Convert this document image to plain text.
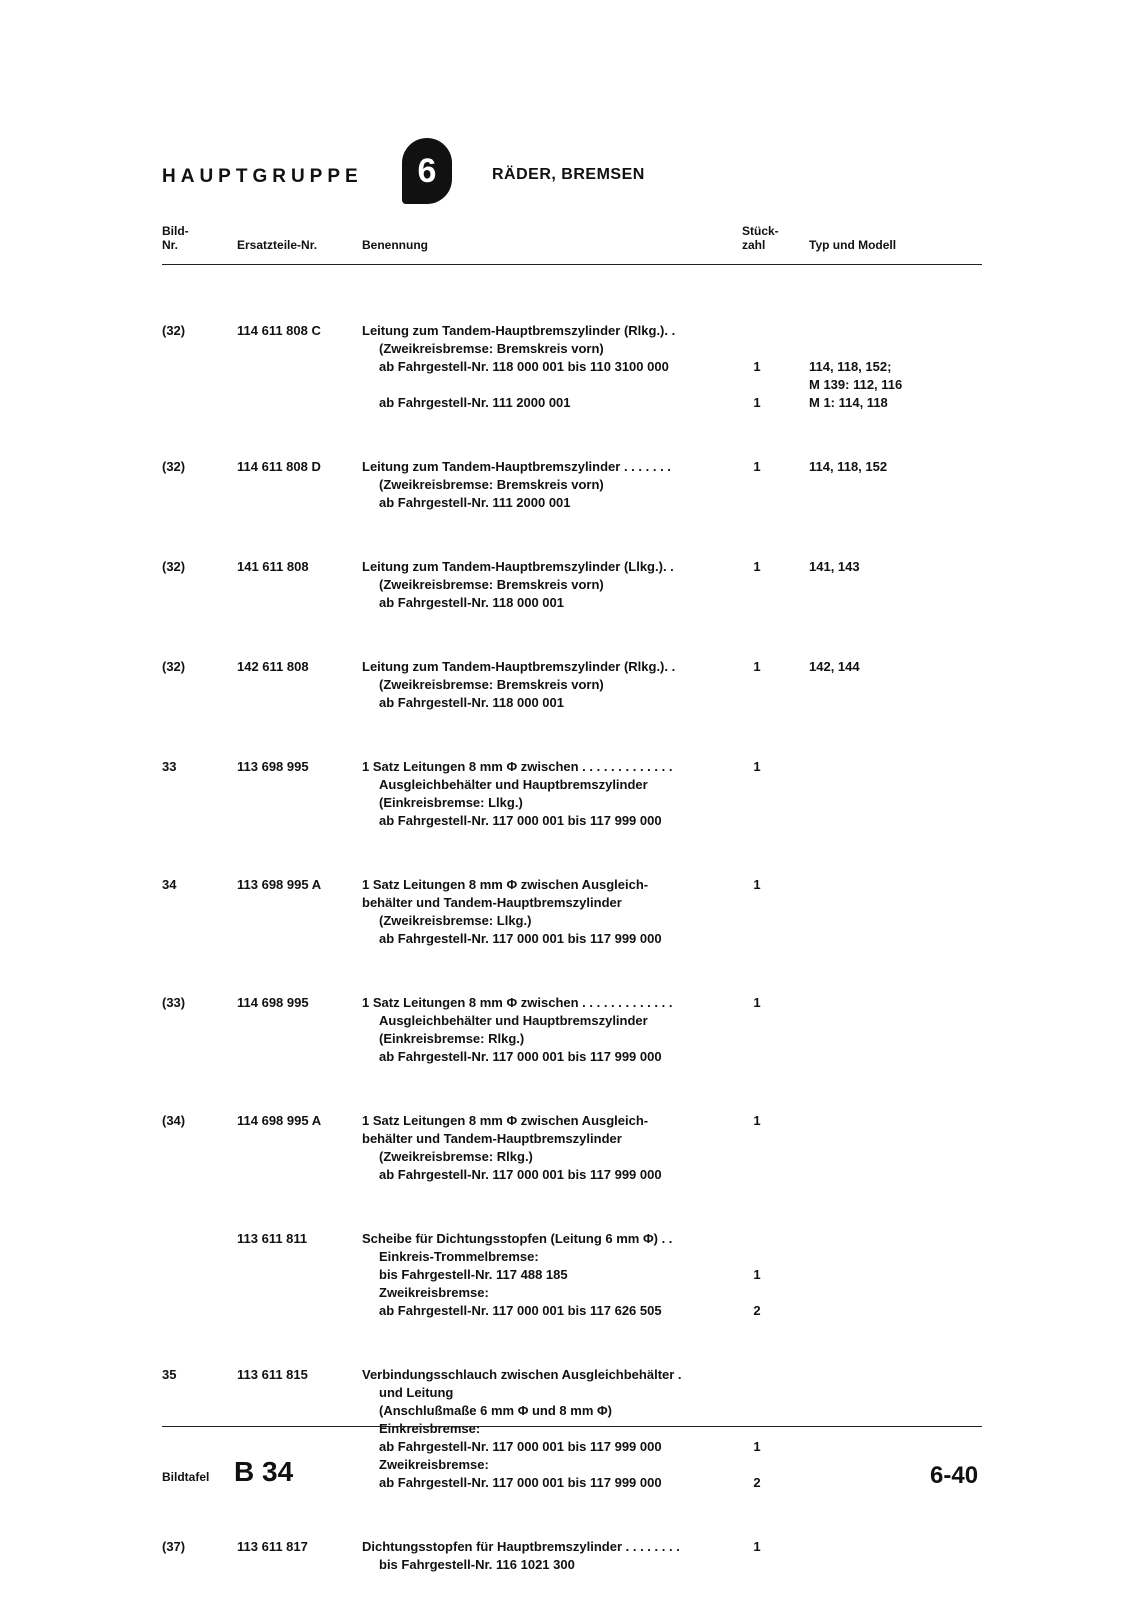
HAUPTGRUPPE	6	RÄDER, BREMSEN
Bild-
Nr.	Ersatzteile-Nr.	Benennung
Stück-
zahl	Typ und Modell
(32)	114 611 808 C	Leitung zum Tandem-Hauptbremszylinder (Rlkg.). .
(Zweikreisbremse: Bremskreis vorn)
ab Fahrgestell-Nr. 118 000 001 bis 110 3100 000	1	114, 118, 152;
M 139: 112, 116
ab Fahrgestell-Nr. 111 2000 001	1	M 1: 114, 118
(32)	114 611 808 D	Leitung zum Tandem-Hauptbremszylinder . . . . . . .	1	114, 118, 152
(Zweikreisbremse: Bremskreis vorn)
ab Fahrgestell-Nr. 111 2000 001
(32)	141 611 808	Leitung zum Tandem-Hauptbremszylinder (Llkg.). .	1	141, 143
(Zweikreisbremse: Bremskreis vorn)
ab Fahrgestell-Nr. 118 000 001
(32)	142 611 808	Leitung zum Tandem-Hauptbremszylinder (Rlkg.). .	1	142, 144
(Zweikreisbremse: Bremskreis vorn)
ab Fahrgestell-Nr. 118 000 001
33	113 698 995	1 Satz Leitungen 8 mm Φ zwischen . . . . . . . . . . . . .	1
Ausgleichbehälter und Hauptbremszylinder
(Einkreisbremse: Llkg.)
ab Fahrgestell-Nr. 117 000 001 bis 117 999 000
34	113 698 995 A	1 Satz Leitungen 8 mm Φ zwischen Ausgleich-	1
behälter und Tandem-Hauptbremszylinder
(Zweikreisbremse: Llkg.)
ab Fahrgestell-Nr. 117 000 001 bis 117 999 000
(33)	114 698 995	1 Satz Leitungen 8 mm Φ zwischen . . . . . . . . . . . . .	1
Ausgleichbehälter und Hauptbremszylinder
(Einkreisbremse: Rlkg.)
ab Fahrgestell-Nr. 117 000 001 bis 117 999 000
(34)	114 698 995 A	1 Satz Leitungen 8 mm Φ zwischen Ausgleich-	1
behälter und Tandem-Hauptbremszylinder
(Zweikreisbremse: Rlkg.)
ab Fahrgestell-Nr. 117 000 001 bis 117 999 000
113 611 811	Scheibe für Dichtungsstopfen (Leitung 6 mm Φ) . .
Einkreis-Trommelbremse:
bis Fahrgestell-Nr. 117 488 185	1
Zweikreisbremse:
ab Fahrgestell-Nr. 117 000 001 bis 117 626 505	2
35	113 611 815	Verbindungsschlauch zwischen Ausgleichbehälter .
und Leitung
(Anschlußmaße 6 mm Φ und 8 mm Φ)
Einkreisbremse:
ab Fahrgestell-Nr. 117 000 001 bis 117 999 000	1
Zweikreisbremse:
ab Fahrgestell-Nr. 117 000 001 bis 117 999 000	2
(37)	113 611 817	Dichtungsstopfen für Hauptbremszylinder . . . . . . . .	1
bis Fahrgestell-Nr. 116 1021 300
Bildtafel B 34	6-40
